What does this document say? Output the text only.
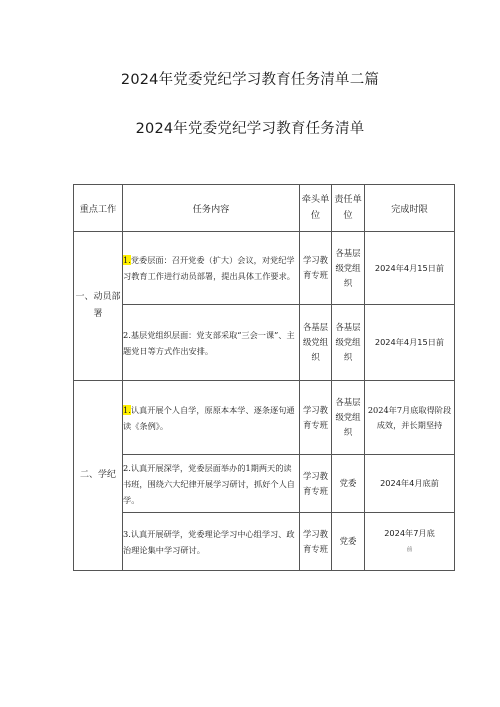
2024年党委党纪学习教育任务清单二篇
2024年党委党纪学习教育任务清单
重点工作	任务内容	牵头单位	责任单位	完成时限
一、动员部署	1.党委层面：召开党委（扩大）会议，对党纪学习教育工作进行动员部署，提出具体工作要求。	学习教育专班	各基层级党组织	2024年4月15日前
	2.基层党组织层面：党支部采取“三会一课”、主题党日等方式作出安排。	各基层级党组织	各基层级党组织	2024年4月15日前
二、学纪	1.认真开展个人自学，原原本本学、逐条逐句通读《条例》。	学习教育专班	各基层级党组织	2024年7月底取得阶段成效，并长期坚持
	2.认真开展深学，党委层面举办的1期两天的读书班，围绕六大纪律开展学习研讨，抓好个人自学。	学习教育专班	党委	2024年4月底前
	3.认真开展研学，党委理论学习中心组学习、政治理论集中学习研讨。	学习教育专班	党委	2024年7月底
前
